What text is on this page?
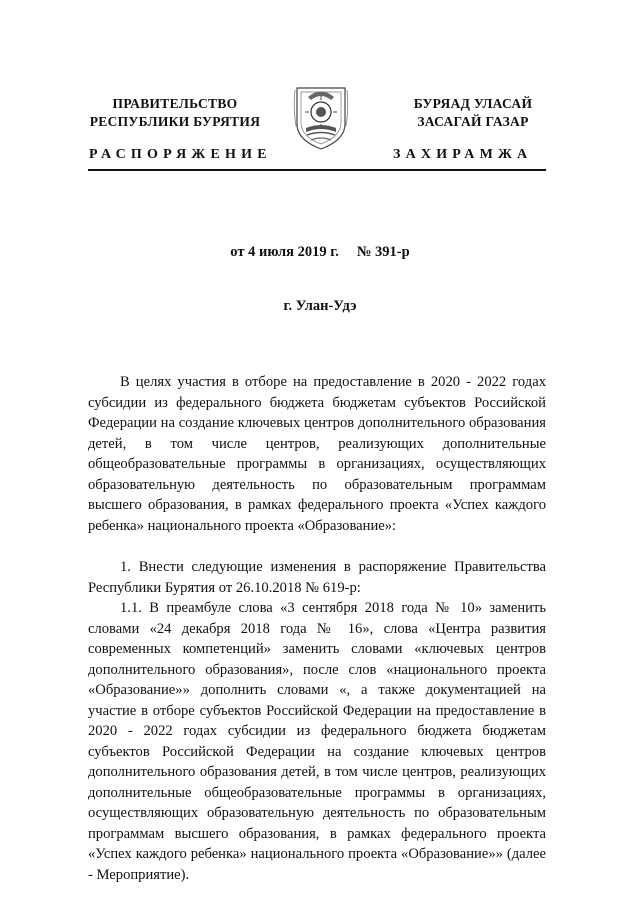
ПРАВИТЕЛЬСТВО
РЕСПУБЛИКИ БУРЯТИЯ
БУРЯАД УЛАСАЙ
ЗАСАГАЙ ГАЗАР
РАСПОРЯЖЕНИЕ	ЗАХИРАМЖА
от 4 июля 2019 г. № 391-р
г. Улан-Удэ

В целях участия в отборе на предоставление в 2020 - 2022 годах субсидии из федерального бюджета бюджетам субъектов Российской Федерации на создание ключевых центров дополнительного образования детей, в том числе центров, реализующих дополнительные общеобразовательные программы в организациях, осуществляющих образовательную деятельность по образовательным программам высшего образования, в рамках федерального проекта «Успех каждого ребенка» национального проекта «Образование»:

1. Внести следующие изменения в распоряжение Правительства Республики Бурятия от 26.10.2018 № 619-р:

1.1. В преамбуле слова «3 сентября 2018 года № 10» заменить словами «24 декабря 2018 года № 16», слова «Центра развития современных компетенций» заменить словами «ключевых центров дополнительного образования», после слов «национального проекта «Образование»» дополнить словами «, а также документацией на участие в отборе субъектов Российской Федерации на предоставление в 2020 - 2022 годах субсидии из федерального бюджета бюджетам субъектов Российской Федерации на создание ключевых центров дополнительного образования детей, в том числе центров, реализующих дополнительные общеобразовательные программы в организациях, осуществляющих образовательную деятельность по образовательным программам высшего образования, в рамках федерального проекта «Успех каждого ребенка» национального проекта «Образование»» (далее - Мероприятие).
